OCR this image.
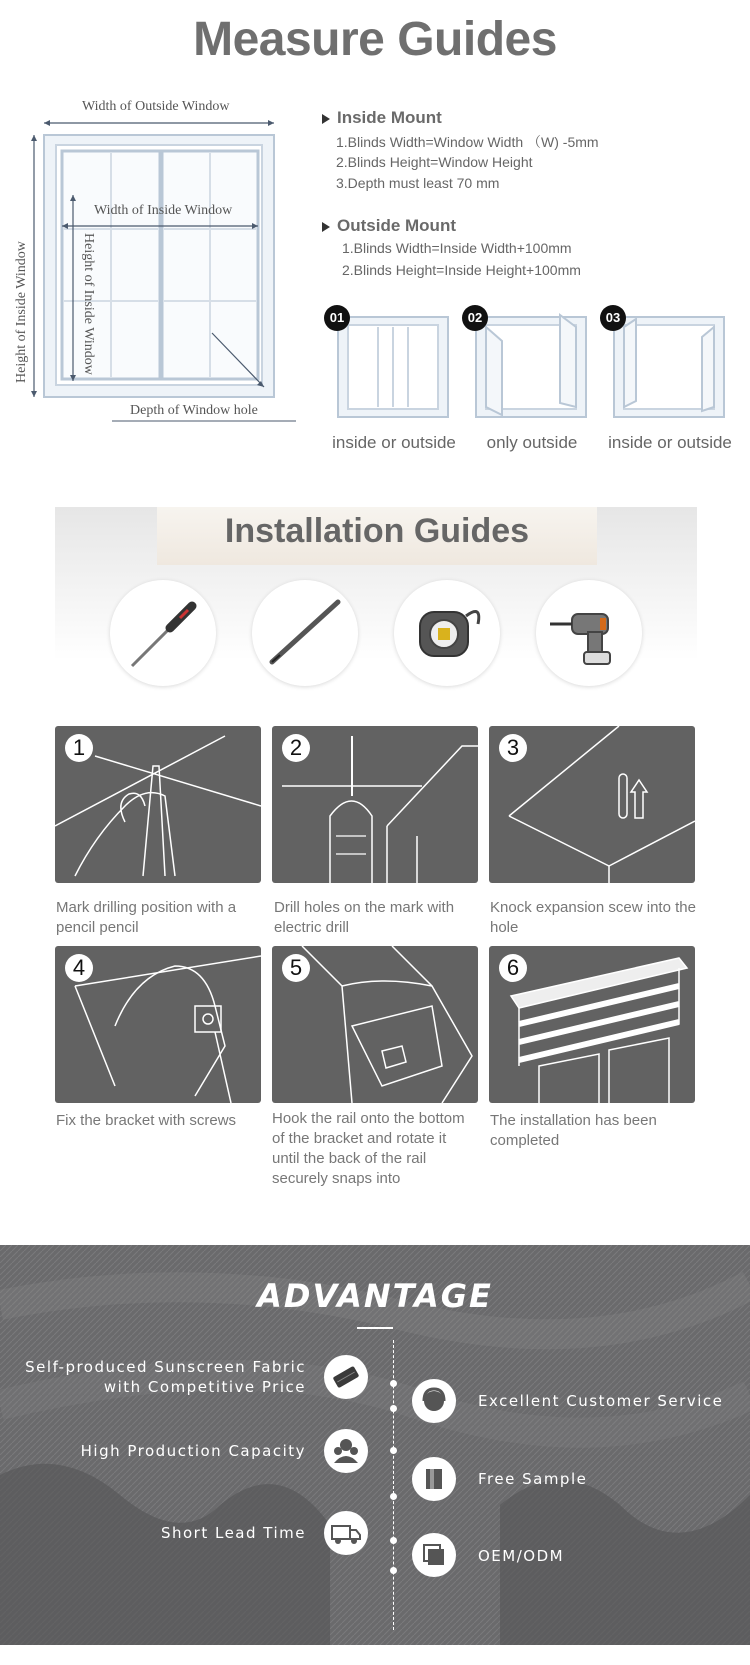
Measure Guides
Width of Outside Window
Width of Inside Window
Height of Inside Window	Height of Inside Window
Depth of Window hole
Inside Mount
1.Blinds Width=Window Width （W) -5mm
2.Blinds Height=Window Height
3.Depth must least 70 mm
Outside Mount
1.Blinds Width=Inside Width+100mm
2.Blinds Height=Inside Height+100mm
01
inside or outside
02
only outside
03
inside or outside
Installation Guides
1	2	3
Mark drilling position with a pencil pencil
Drill holes on the mark with electric drill
Knock expansion scew into the hole
4	5	6
Fix the bracket with screws	Hook the rail onto the bottom of the bracket and rotate it until the back of the rail securely snaps into
The installation has been completed
ADVANTAGE
Self-produced Sunscreen Fabric
with Competitive Price
High Production Capacity
Short Lead Time
Excellent Customer Service
Free Sample
OEM/ODM
